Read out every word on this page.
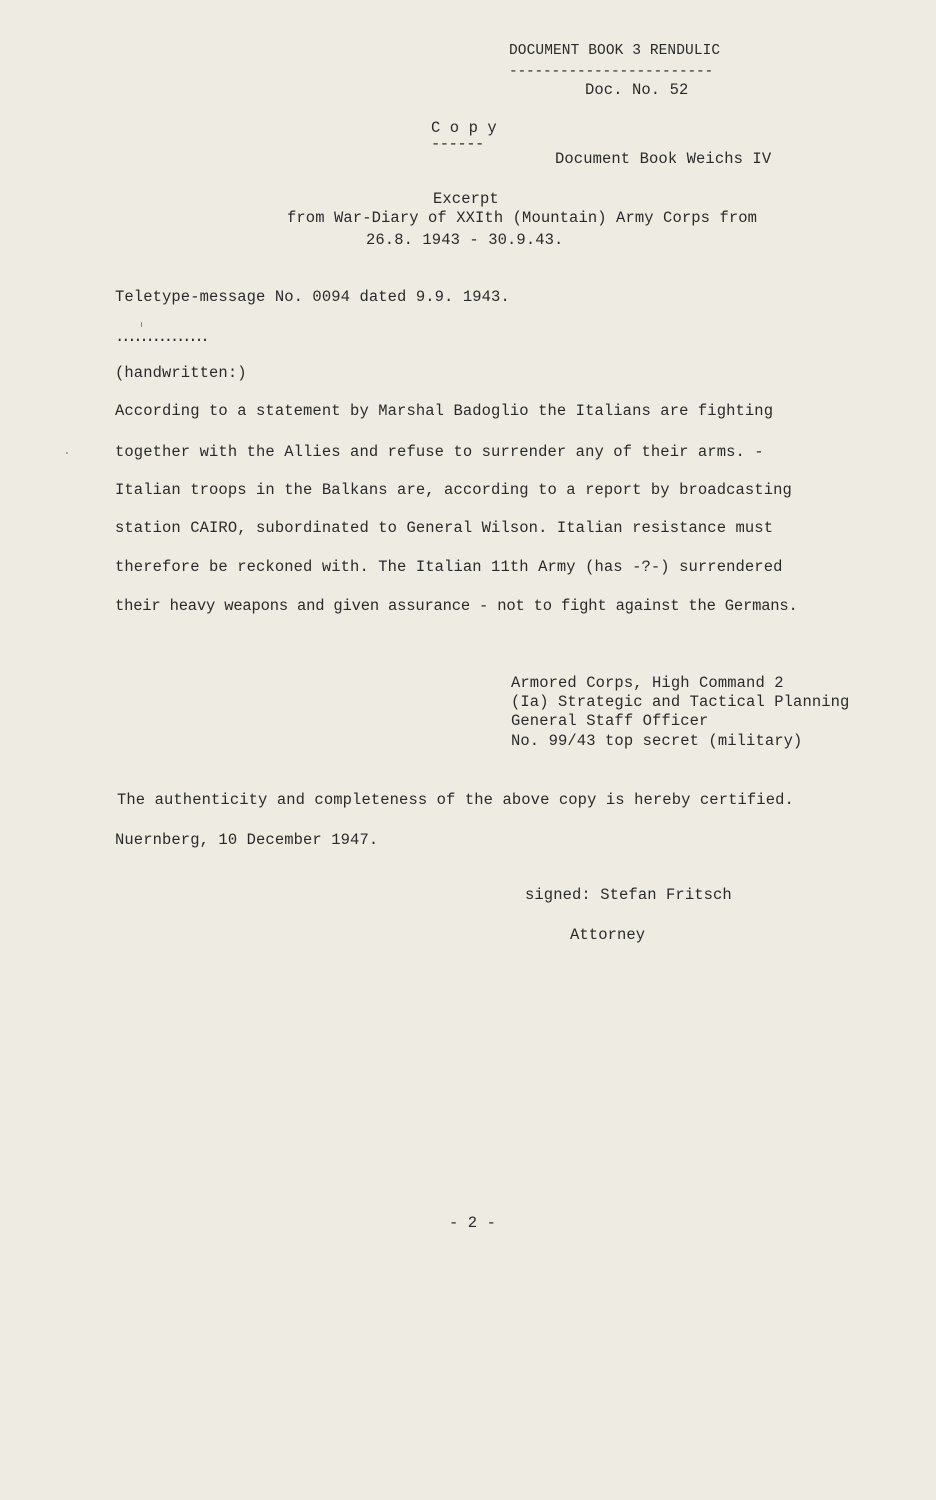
DOCUMENT BOOK 3 RENDULIC
------------------------
Doc. No. 52
C o p y
------
Document Book Weichs IV
Excerpt
from War-Diary of XXIth (Mountain) Army Corps from
26.8. 1943 - 30.9.43.
Teletype-message No. 0094 dated 9.9. 1943.
...............
(handwritten:)
According to a statement by Marshal Badoglio the Italians are fighting
together with the Allies and refuse to surrender any of their arms. -
Italian troops in the Balkans are, according to a report by broadcasting
station CAIRO, subordinated to General Wilson. Italian resistance must
therefore be reckoned with. The Italian 11th Army (has -?-) surrendered
their heavy weapons and given assurance - not to fight against the Germans.
Armored Corps, High Command 2
(Ia) Strategic and Tactical Planning
General Staff Officer
No. 99/43 top secret (military)
The authenticity and completeness of the above copy is hereby certified.
Nuernberg, 10 December 1947.
signed: Stefan Fritsch
Attorney
- 2 -
